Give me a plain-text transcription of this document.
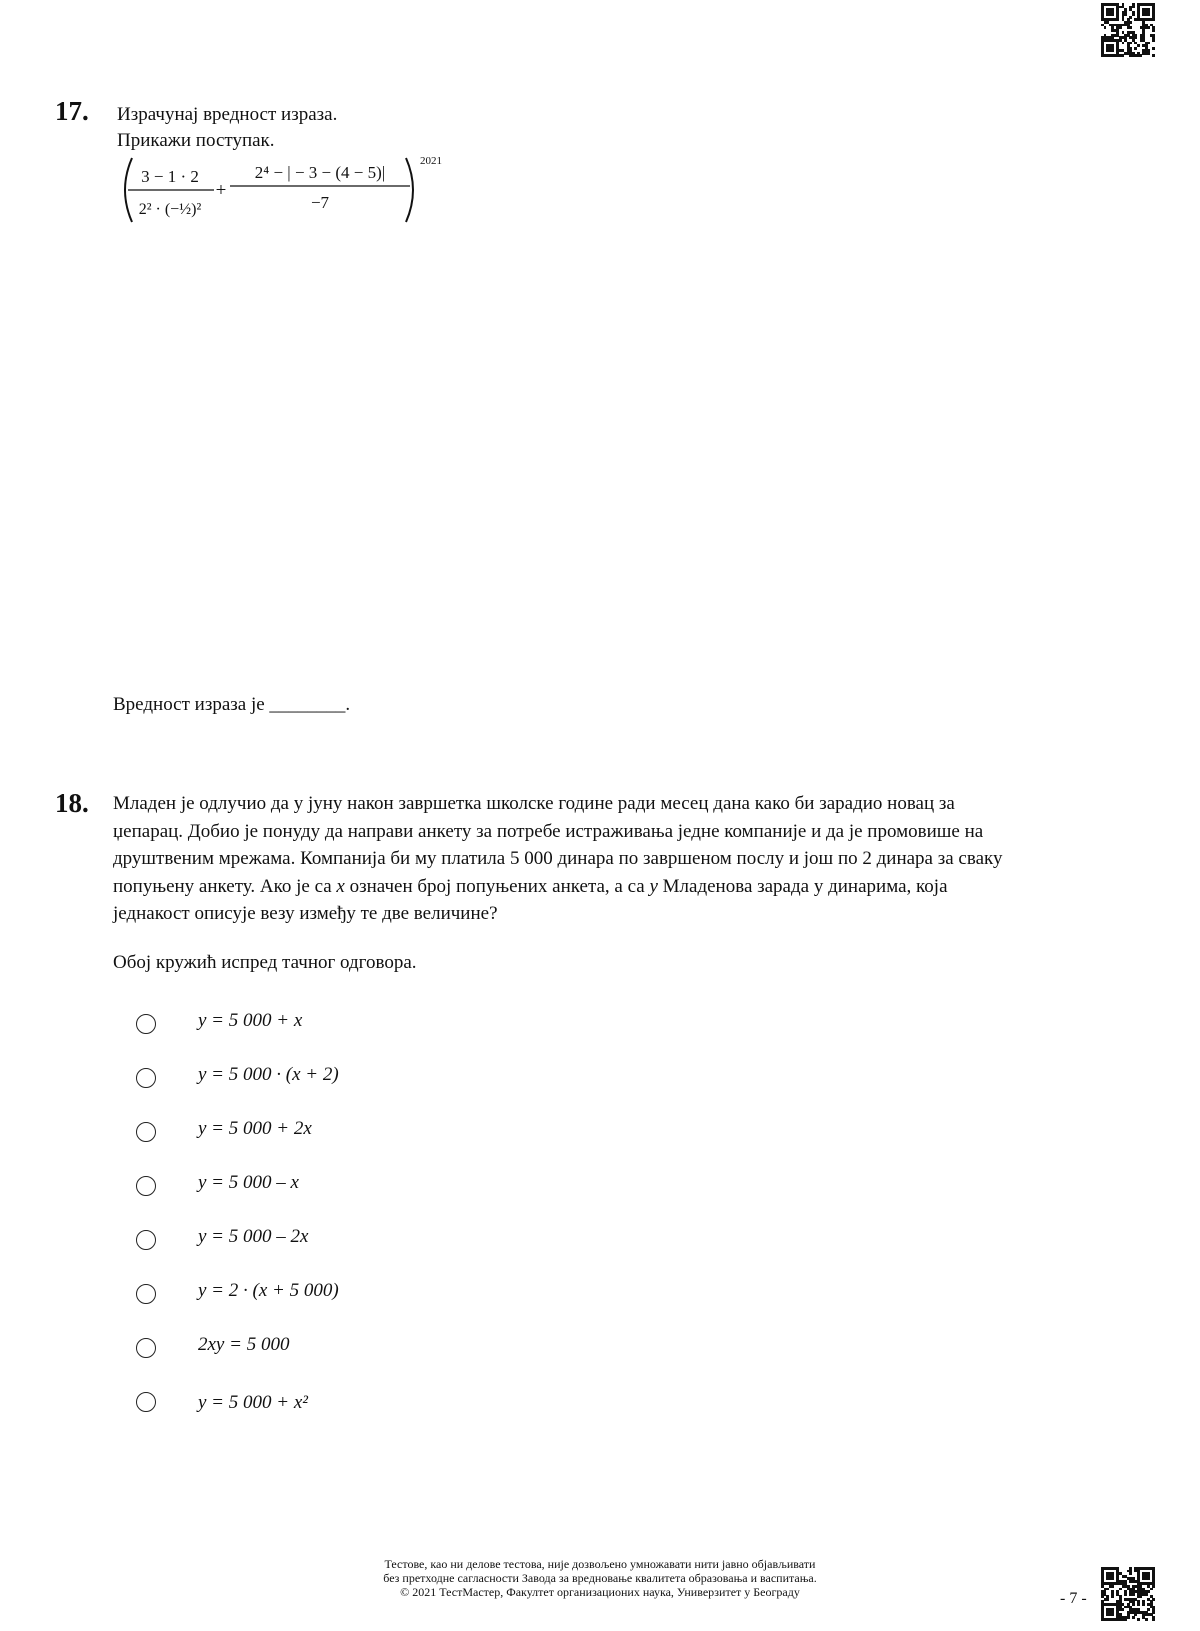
17. Израчунај вредност израза.
Прикажи поступак.
3 − 1 · 2
2² · (−½)²
+
2⁴ − | − 3 − (4 − 5)|
−7
2021
Вредност израза је ________.
18. Младен је одлучио да у јуну након завршетка школске године ради месец дана како би зарадио новац за
џепарац. Добио је понуду да направи анкету за потребе истраживања једне компаније и да је промовише на
друштвеним мрежама. Компанија би му платила 5 000 динара по завршеном послу и још по 2 динара за сваку
попуњену анкету. Ако је са x означен број попуњених анкета, а са y Младенова зарада у динарима, која
једнакост описује везу између те две величине?
Обој кружић испред тачног одговора.
y = 5 000 + x
y = 5 000 · (x + 2)
y = 5 000 + 2x
y = 5 000 – x
y = 5 000 – 2x
y = 2 · (x + 5 000)
2xy = 5 000
y = 5 000 + x²
Тестове, као ни делове тестова, није дозвољено умножавати нити јавно објављивати
без претходне сагласности Завода за вредновање квалитета образовања и васпитања.
© 2021 ТестМастер, Факултет организационих наука, Универзитет у Београду	- 7 -
